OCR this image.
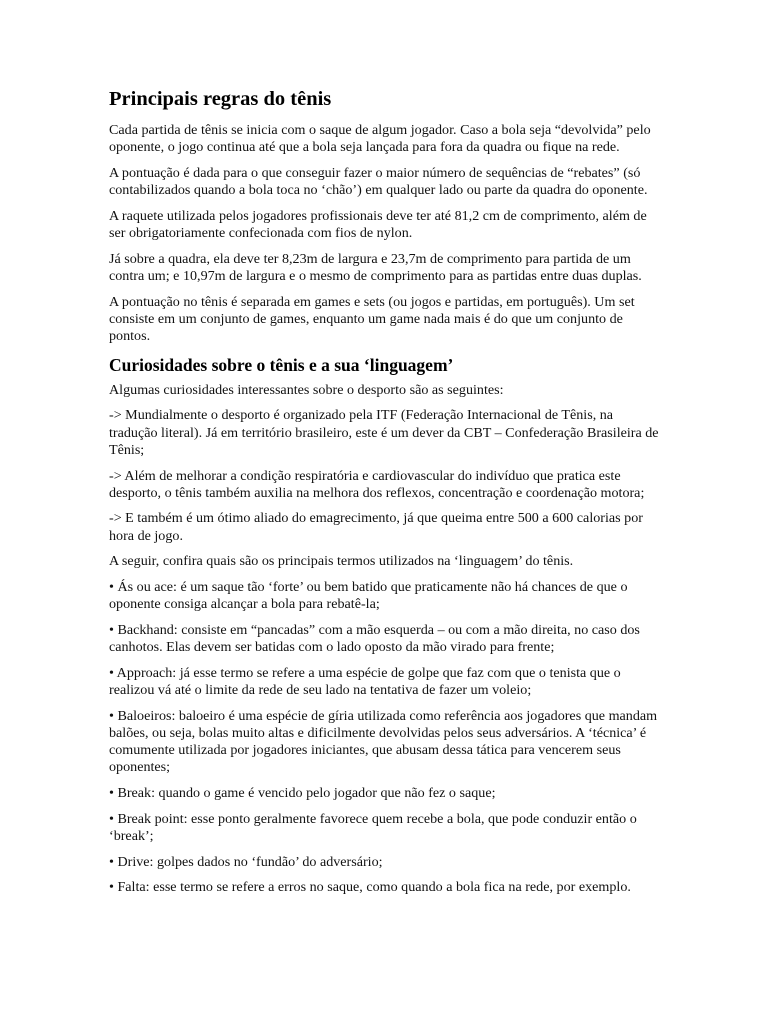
Principais regras do tênis

Cada partida de tênis se inicia com o saque de algum jogador. Caso a bola seja “devolvida” pelo oponente, o jogo continua até que a bola seja lançada para fora da quadra ou fique na rede.

A pontuação é dada para o que conseguir fazer o maior número de sequências de “rebates” (só contabilizados quando a bola toca no ‘chão’) em qualquer lado ou parte da quadra do oponente.

A raquete utilizada pelos jogadores profissionais deve ter até 81,2 cm de comprimento, além de ser obrigatoriamente confecionada com fios de nylon.

Já sobre a quadra, ela deve ter 8,23m de largura e 23,7m de comprimento para partida de um contra um; e 10,97m de largura e o mesmo de comprimento para as partidas entre duas duplas.

A pontuação no tênis é separada em games e sets (ou jogos e partidas, em português). Um set consiste em um conjunto de games, enquanto um game nada mais é do que um conjunto de pontos.

Curiosidades sobre o tênis e a sua ‘linguagem’

Algumas curiosidades interessantes sobre o desporto são as seguintes:

-> Mundialmente o desporto é organizado pela ITF (Federação Internacional de Tênis, na tradução literal). Já em território brasileiro, este é um dever da CBT – Confederação Brasileira de Tênis;

-> Além de melhorar a condição respiratória e cardiovascular do indivíduo que pratica este desporto, o tênis também auxilia na melhora dos reflexos, concentração e coordenação motora;

-> E também é um ótimo aliado do emagrecimento, já que queima entre 500 a 600 calorias por hora de jogo.

A seguir, confira quais são os principais termos utilizados na ‘linguagem’ do tênis.

• Ás ou ace: é um saque tão ‘forte’ ou bem batido que praticamente não há chances de que o oponente consiga alcançar a bola para rebatê-la;

• Backhand: consiste em “pancadas” com a mão esquerda – ou com a mão direita, no caso dos canhotos. Elas devem ser batidas com o lado oposto da mão virado para frente;

• Approach: já esse termo se refere a uma espécie de golpe que faz com que o tenista que o realizou vá até o limite da rede de seu lado na tentativa de fazer um voleio;

• Baloeiros: baloeiro é uma espécie de gíria utilizada como referência aos jogadores que mandam balões, ou seja, bolas muito altas e dificilmente devolvidas pelos seus adversários. A ‘técnica’ é comumente utilizada por jogadores iniciantes, que abusam dessa tática para vencerem seus oponentes;

• Break: quando o game é vencido pelo jogador que não fez o saque;

• Break point: esse ponto geralmente favorece quem recebe a bola, que pode conduzir então o ‘break’;

• Drive: golpes dados no ‘fundão’ do adversário;

• Falta: esse termo se refere a erros no saque, como quando a bola fica na rede, por exemplo.
